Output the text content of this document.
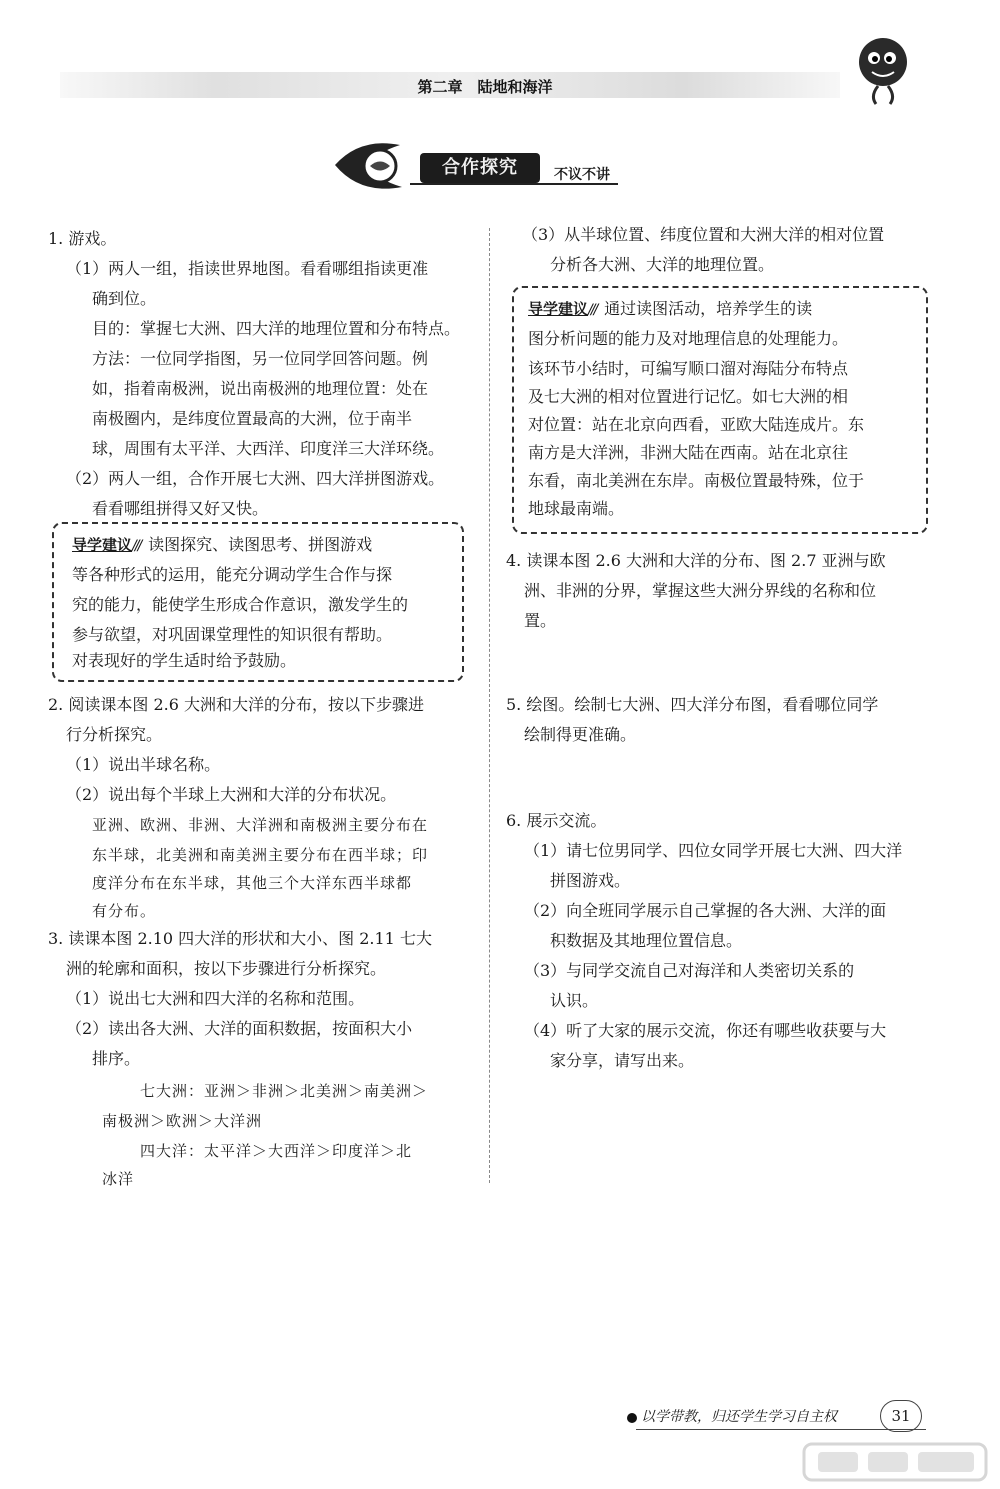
第二章　陆地和海洋
合作探究	不议不讲
1. 游戏。
（1）两人一组，指读世界地图。看看哪组指读更准
确到位。
目的：掌握七大洲、四大洋的地理位置和分布特点。
方法：一位同学指图，另一位同学回答问题。例
如，指着南极洲，说出南极洲的地理位置：处在
南极圈内，是纬度位置最高的大洲，位于南半
球，周围有太平洋、大西洋、印度洋三大洋环绕。
（2）两人一组，合作开展七大洲、四大洋拼图游戏。
看看哪组拼得又好又快。
导学建议/// 读图探究、读图思考、拼图游戏
等各种形式的运用，能充分调动学生合作与探
究的能力，能使学生形成合作意识，激发学生的
参与欲望，对巩固课堂理性的知识很有帮助。
对表现好的学生适时给予鼓励。
2. 阅读课本图 2.6 大洲和大洋的分布，按以下步骤进
行分析探究。
（1）说出半球名称。
（2）说出每个半球上大洲和大洋的分布状况。
亚洲、欧洲、非洲、大洋洲和南极洲主要分布在
东半球，北美洲和南美洲主要分布在西半球；印
度洋分布在东半球，其他三个大洋东西半球都
有分布。
3. 读课本图 2.10 四大洋的形状和大小、图 2.11 七大
洲的轮廓和面积，按以下步骤进行分析探究。
（1）说出七大洲和四大洋的名称和范围。
（2）读出各大洲、大洋的面积数据，按面积大小
排序。
七大洲：亚洲＞非洲＞北美洲＞南美洲＞
南极洲＞欧洲＞大洋洲
四大洋：太平洋＞大西洋＞印度洋＞北
冰洋
（3）从半球位置、纬度位置和大洲大洋的相对位置
分析各大洲、大洋的地理位置。
导学建议/// 通过读图活动，培养学生的读
图分析问题的能力及对地理信息的处理能力。
该环节小结时，可编写顺口溜对海陆分布特点
及七大洲的相对位置进行记忆。如七大洲的相
对位置：站在北京向西看，亚欧大陆连成片。东
南方是大洋洲，非洲大陆在西南。站在北京往
东看，南北美洲在东岸。南极位置最特殊，位于
地球最南端。
4. 读课本图 2.6 大洲和大洋的分布、图 2.7 亚洲与欧
洲、非洲的分界，掌握这些大洲分界线的名称和位
置。
5. 绘图。绘制七大洲、四大洋分布图，看看哪位同学
绘制得更准确。
6. 展示交流。
（1）请七位男同学、四位女同学开展七大洲、四大洋
拼图游戏。
（2）向全班同学展示自己掌握的各大洲、大洋的面
积数据及其地理位置信息。
（3）与同学交流自己对海洋和人类密切关系的
认识。
（4）听了大家的展示交流，你还有哪些收获要与大
家分享，请写出来。
以学带教，归还学生学习自主权	31
